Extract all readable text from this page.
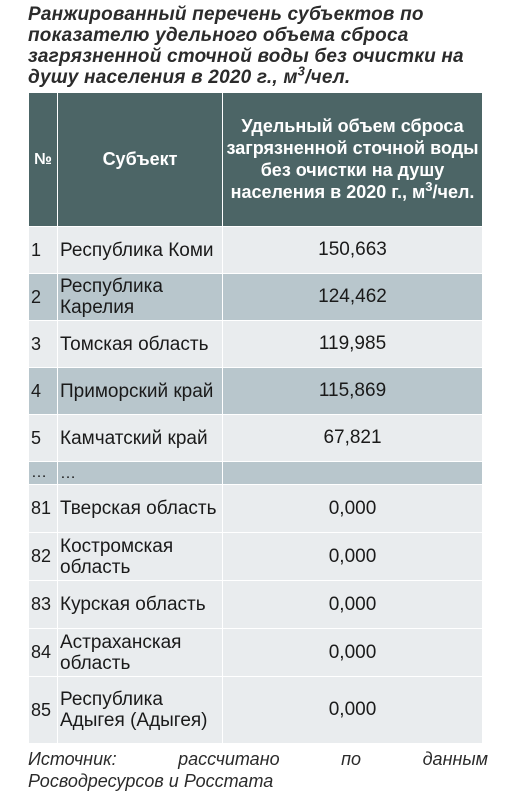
Ранжированный перечень субъектов по показателю удельного объема сброса загрязненной сточной воды без очистки на душу населения в 2020 г., $м^3$/чел.
№	Субъект	Удельный объем сброса загрязненной сточной воды без очистки на душу населения в 2020 г., $м^3$/чел.
1	Республика Коми	150,663
2	Республика Карелия	124,462
3	Томская область	119,985
4	Приморский край	115,869
5	Камчатский край	67,821
…	…	
81	Тверская область	0,000
82	Костромская область	0,000
83	Курская область	0,000
84	Астраханская область	0,000
85	Республика Адыгея (Адыгея)	0,000
Источник:	рассчитано	по	данным
Росводресурсов и Росстата
